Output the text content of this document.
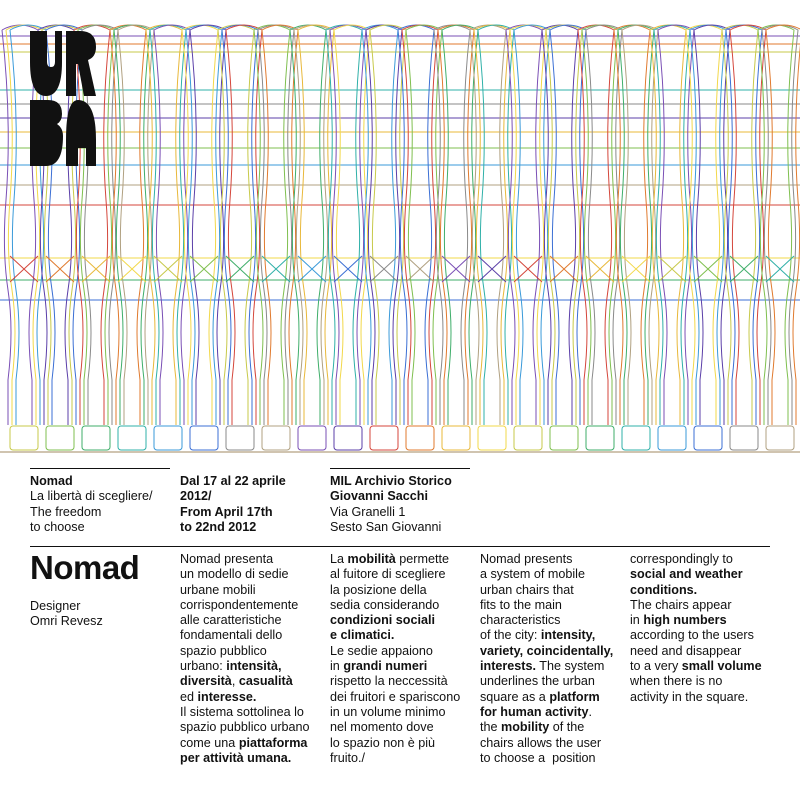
Nomad
La libertà di scegliere/
The freedom
to choose
Dal 17 al 22 aprile
2012/
From April 17th
to 22nd 2012
MIL Archivio Storico
Giovanni Sacchi
Via Granelli 1
Sesto San Giovanni
Nomad
Designer
Omri Revesz
Nomad presenta
un modello di sedie
urbane mobili
corrispondentemente
alle caratteristiche
fondamentali dello
spazio pubblico
urbano: intensità,
diversità, casualità
ed interesse.
Il sistema sottolinea lo
spazio pubblico urbano
come una piattaforma
per attività umana.
La mobilità permette
al fuitore di scegliere
la posizione della
sedia considerando
condizioni sociali
e climatici.
Le sedie appaiono
in grandi numeri
rispetto la neccessità
dei fruitori e spariscono
in un volume minimo
nel momento dove
lo spazio non è più
fruito./
Nomad presents
a system of mobile
urban chairs that
fits to the main
characteristics
of the city: intensity,
variety, coincidentally,
interests. The system
underlines the urban
square as a platform
for human activity.
the mobility of the
chairs allows the user
to choose a  position
correspondingly to
social and weather
conditions.
The chairs appear
in high numbers
according to the users
need and disappear
to a very small volume
when there is no
activity in the square.
